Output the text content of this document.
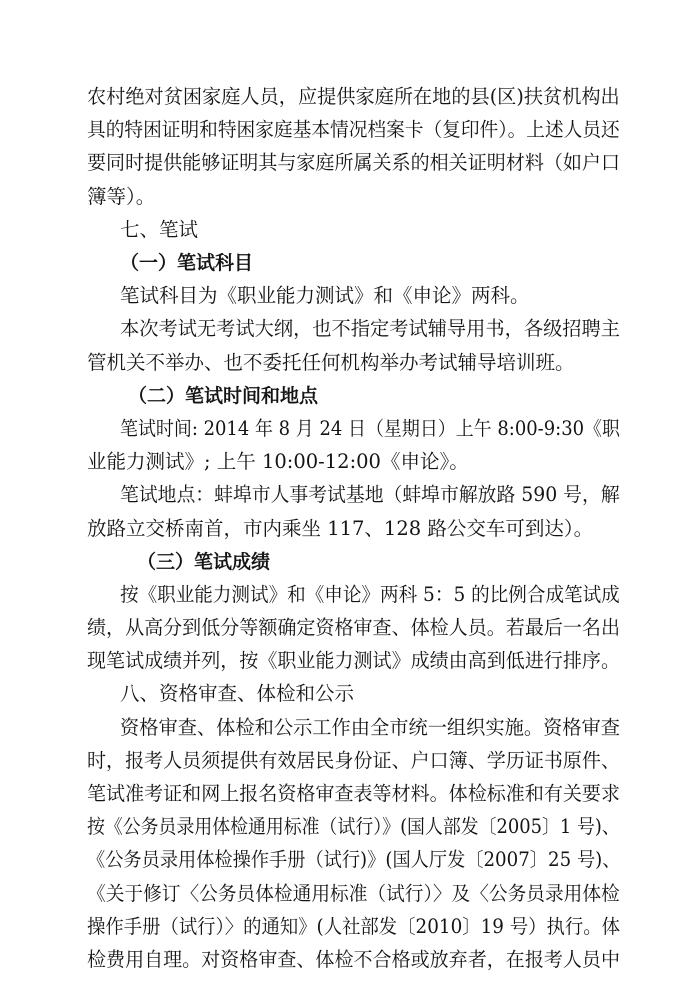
农村绝对贫困家庭人员，应提供家庭所在地的县(区)扶贫机构出
具的特困证明和特困家庭基本情况档案卡（复印件）。上述人员还
要同时提供能够证明其与家庭所属关系的相关证明材料（如户口
簿等）。
七、笔试
（一）笔试科目
笔试科目为《职业能力测试》和《申论》两科。
本次考试无考试大纲，也不指定考试辅导用书，各级招聘主
管机关不举办、也不委托任何机构举办考试辅导培训班。
（二）笔试时间和地点
笔试时间: 2014 年 8 月 24 日（星期日）上午 8:00-9:30《职
业能力测试》; 上午 10:00-12:00《申论》。
笔试地点：蚌埠市人事考试基地（蚌埠市解放路 590 号，解
放路立交桥南首，市内乘坐 117、128 路公交车可到达）。
（三）笔试成绩
按《职业能力测试》和《申论》两科 5：5 的比例合成笔试成
绩，从高分到低分等额确定资格审查、体检人员。若最后一名出
现笔试成绩并列，按《职业能力测试》成绩由高到低进行排序。
八、资格审查、体检和公示
资格审查、体检和公示工作由全市统一组织实施。资格审查
时，报考人员须提供有效居民身份证、户口簿、学历证书原件、
笔试准考证和网上报名资格审查表等材料。体检标准和有关要求
按《公务员录用体检通用标准（试行）》(国人部发〔2005〕1 号)、
《公务员录用体检操作手册（试行)》(国人厅发〔2007〕25 号)、
《关于修订〈公务员体检通用标准（试行）〉及〈公务员录用体检
操作手册（试行）〉的通知》(人社部发〔2010〕19 号）执行。体
检费用自理。对资格审查、体检不合格或放弃者，在报考人员中
